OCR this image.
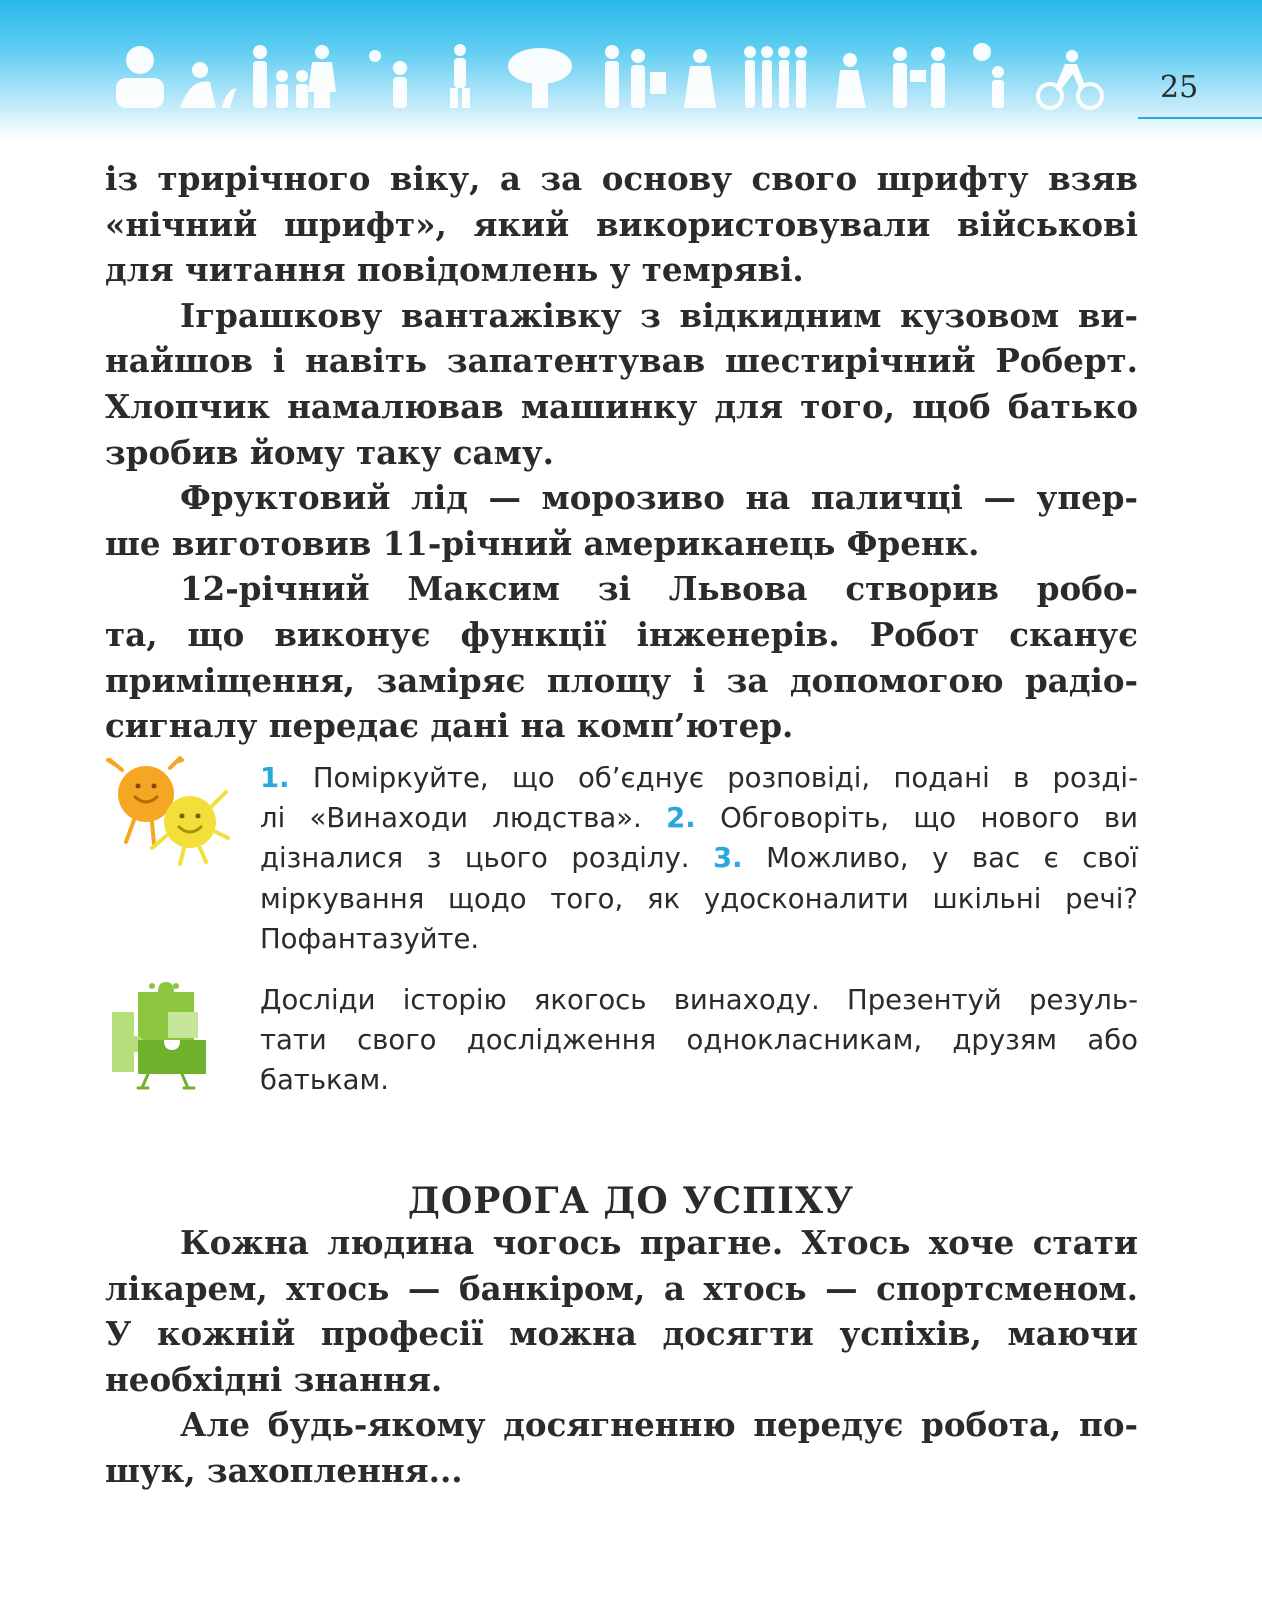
25

із трирічного віку, а за основу свого шрифту взяв
«нічний шрифт», який використовували військові
для читання повідомлень у темряві.

Іграшкову вантажівку з відкидним кузовом ви-
найшов і навіть запатентував шестирічний Роберт.
Хлопчик намалював машинку для того, щоб батько
зробив йому таку саму.

Фруктовий лід — морозиво на паличці — упер-
ше виготовив 11-річний американець Френк.

12-річний Максим зі Львова створив робо-
та, що виконує функції інженерів. Робот сканує
приміщення, заміряє площу і за допомогою радіо-
сигналу передає дані на комп’ютер.

1. Поміркуйте, що об’єднує розповіді, подані в розді-
лі «Винаходи людства». 2. Обговоріть, що нового ви
дізналися з цього розділу. 3. Можливо, у вас є свої
міркування щодо того, як удосконалити шкільні речі?
Пофантазуйте.
Досліди історію якогось винаходу. Презентуй резуль-
тати свого дослідження однокласникам, друзям або
батькам.
ДОРОГА ДО УСПІХУ

Кожна людина чогось прагне. Хтось хоче стати
лікарем, хтось — банкіром, а хтось — спортсменом.
У кожній професії можна досягти успіхів, маючи
необхідні знання.

Але будь-якому досягненню передує робота, по-
шук, захоплення...
